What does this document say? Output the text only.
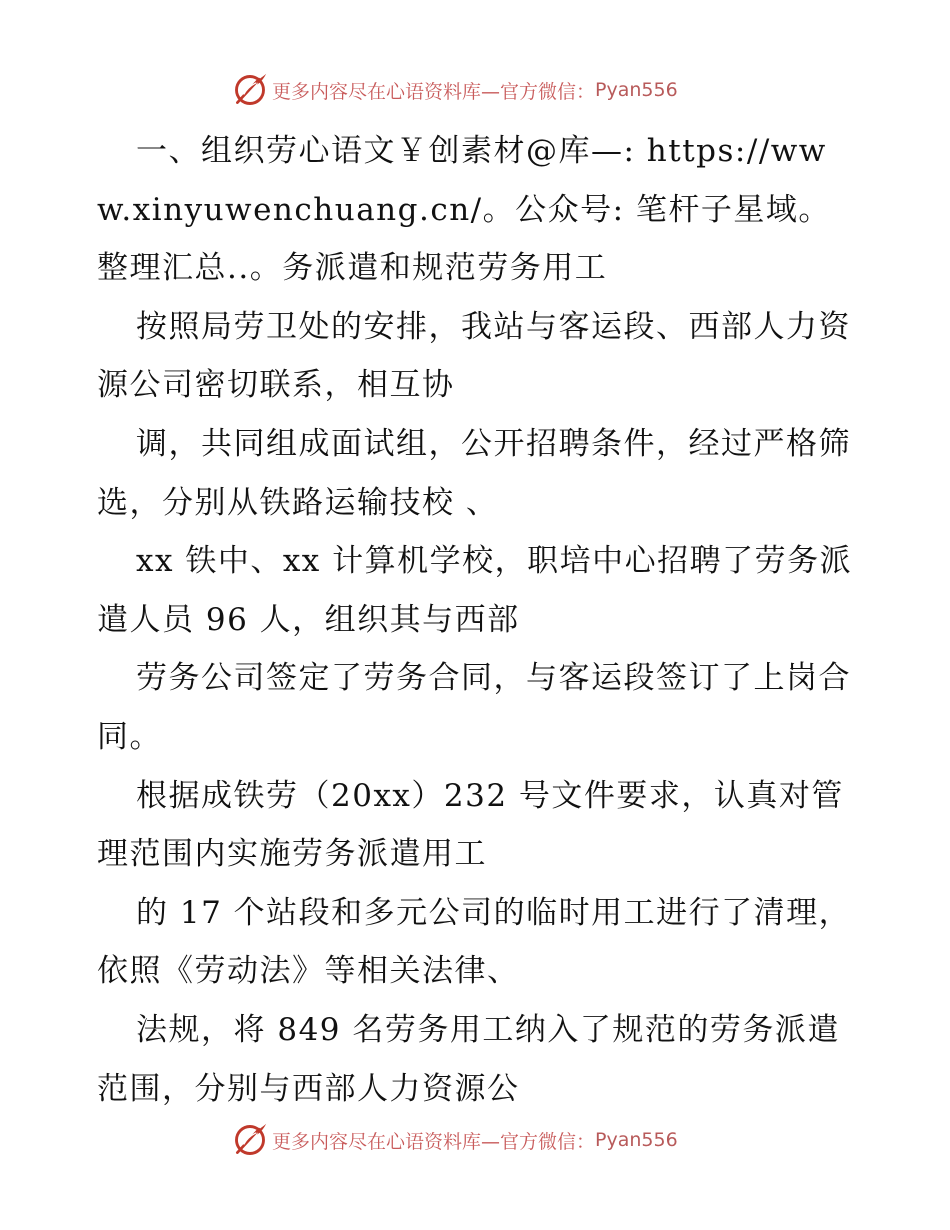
更多内容尽在心语资料库—官方微信： Pyan556

一、组织劳心语文￥创素材@库—: https://www.xinyuwenchuang.cn/。公众号: 笔杆子星域。整理汇总..。务派遣和规范劳务用工

按照局劳卫处的安排，我站与客运段、西部人力资源公司密切联系，相互协

调，共同组成面试组，公开招聘条件，经过严格筛选，分别从铁路运输技校 、

xx 铁中、xx 计算机学校，职培中心招聘了劳务派遣人员 96 人，组织其与西部

劳务公司签定了劳务合同，与客运段签订了上岗合同。

根据成铁劳（20xx）232 号文件要求，认真对管理范围内实施劳务派遣用工

的 17 个站段和多元公司的临时用工进行了清理，依照《劳动法》等相关法律、

法规，将 849 名劳务用工纳入了规范的劳务派遣范围，分别与西部人力资源公

更多内容尽在心语资料库—官方微信： Pyan556
